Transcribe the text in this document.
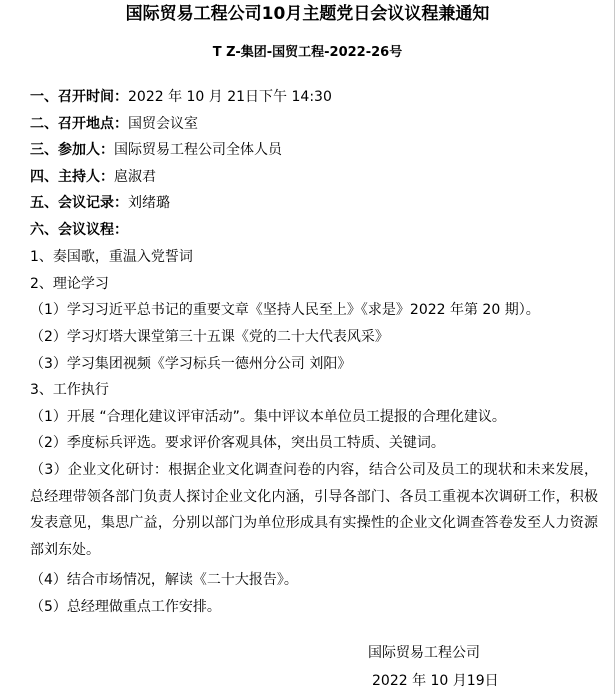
国际贸易工程公司10月主题党日会议议程兼通知
T Z-集团-国贸工程-2022-26号
一、召开时间：2022 年 10 月 21日下午 14:30
二、召开地点：国贸会议室
三、参加人：国际贸易工程公司全体人员
四、主持人：扈淑君
五、会议记录：刘绪璐
六、会议议程：
1、奏国歌，重温入党誓词
2、理论学习
（1）学习习近平总书记的重要文章《坚持人民至上》《求是》2022 年第 20 期）。
（2）学习灯塔大课堂第三十五课《党的二十大代表风采》
（3）学习集团视频《学习标兵一德州分公司 刘阳》
3、工作执行
（1）开展 “合理化建议评审活动”。集中评议本单位员工提报的合理化建议。
（2）季度标兵评选。要求评价客观具体，突出员工特质、关键词。
（3）企业文化研讨：根据企业文化调查问卷的内容，结合公司及员工的现状和未来发展，总经理带领各部门负责人探讨企业文化内涵，引导各部门、各员工重视本次调研工作，积极发表意见，集思广益，分别以部门为单位形成具有实操性的企业文化调查答卷发至人力资源部刘东处。
（4）结合市场情况，解读《二十大报告》。
（5）总经理做重点工作安排。
国际贸易工程公司
2022 年 10 月19日
